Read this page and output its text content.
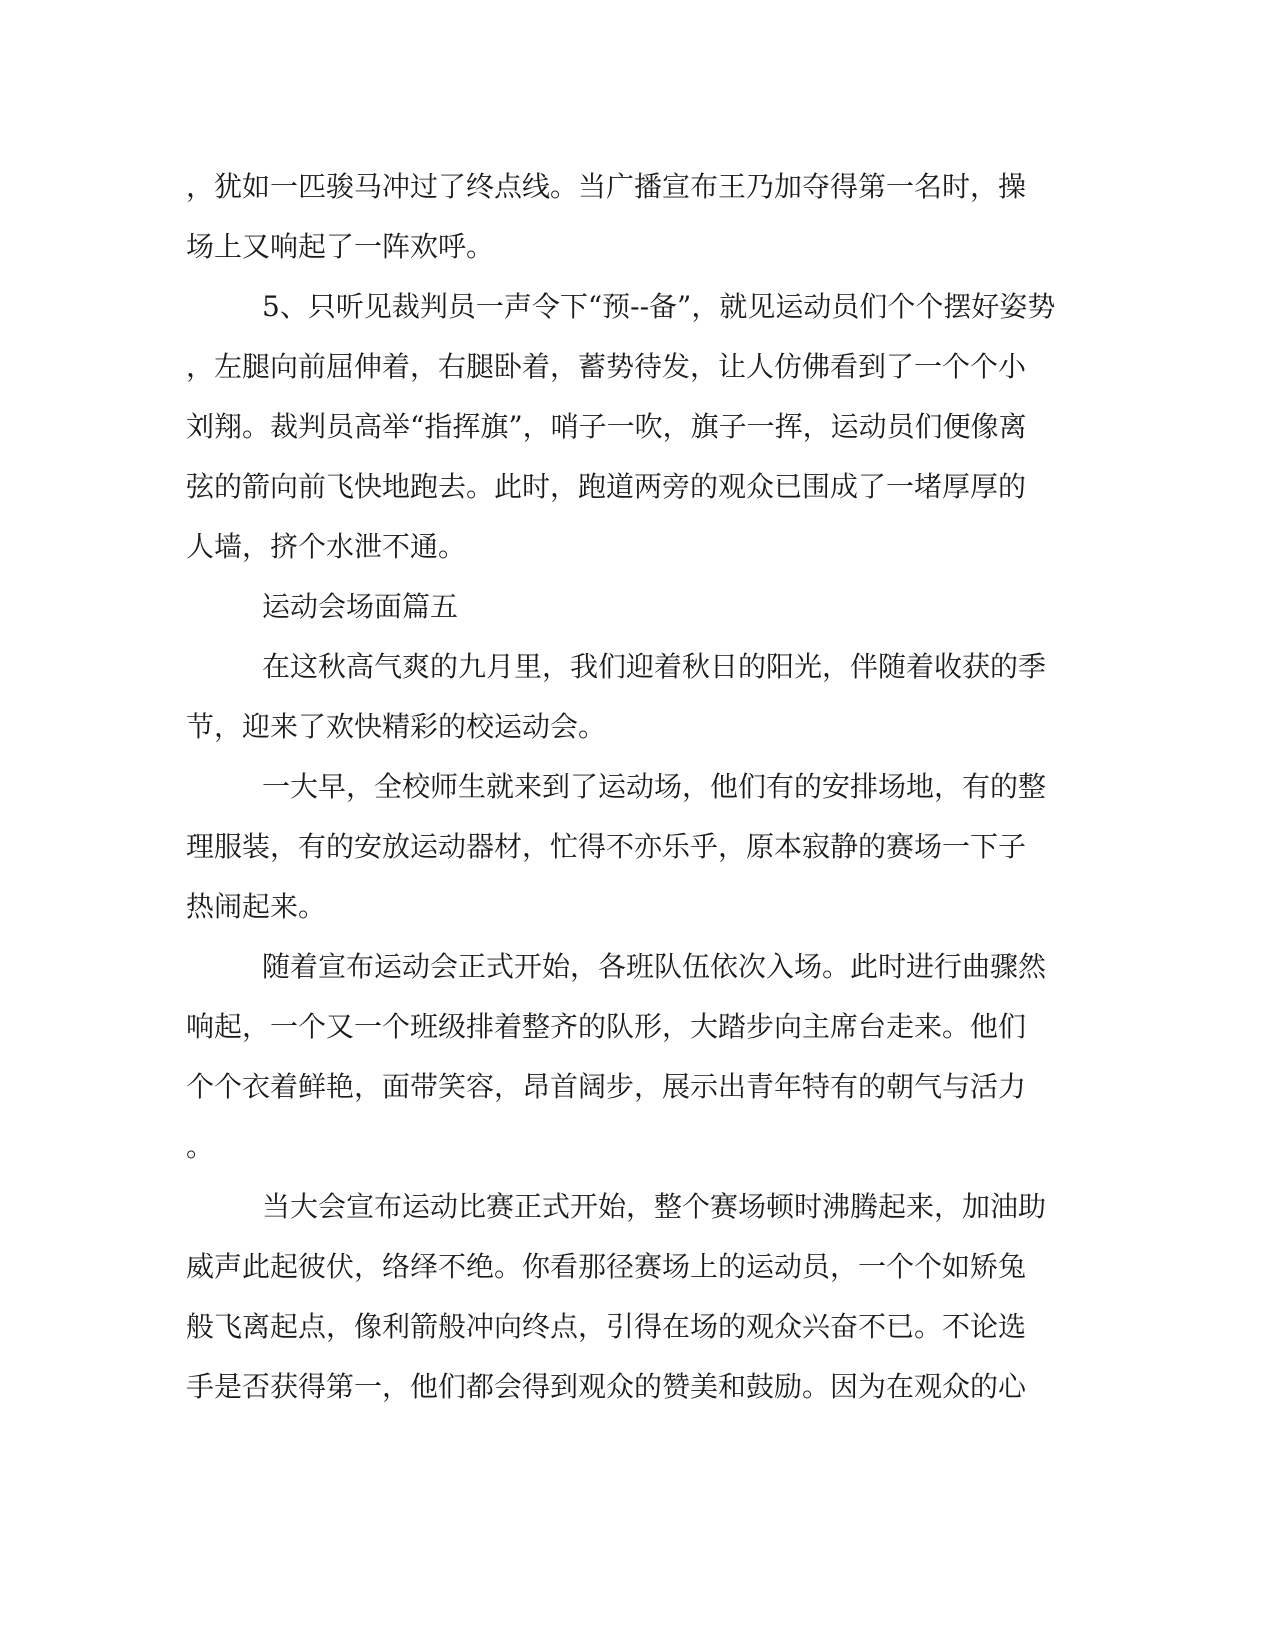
，犹如一匹骏马冲过了终点线。当广播宣布王乃加夺得第一名时，操
场上又响起了一阵欢呼。
5、只听见裁判员一声令下“预--备”，就见运动员们个个摆好姿势
，左腿向前屈伸着，右腿卧着，蓄势待发，让人仿佛看到了一个个小
刘翔。裁判员高举“指挥旗”，哨子一吹，旗子一挥，运动员们便像离
弦的箭向前飞快地跑去。此时，跑道两旁的观众已围成了一堵厚厚的
人墙，挤个水泄不通。
运动会场面篇五
在这秋高气爽的九月里，我们迎着秋日的阳光，伴随着收获的季
节，迎来了欢快精彩的校运动会。
一大早，全校师生就来到了运动场，他们有的安排场地，有的整
理服装，有的安放运动器材，忙得不亦乐乎，原本寂静的赛场一下子
热闹起来。
随着宣布运动会正式开始，各班队伍依次入场。此时进行曲骤然
响起，一个又一个班级排着整齐的队形，大踏步向主席台走来。他们
个个衣着鲜艳，面带笑容，昂首阔步，展示出青年特有的朝气与活力
。
当大会宣布运动比赛正式开始，整个赛场顿时沸腾起来，加油助
威声此起彼伏，络绎不绝。你看那径赛场上的运动员，一个个如矫兔
般飞离起点，像利箭般冲向终点，引得在场的观众兴奋不已。不论选
手是否获得第一，他们都会得到观众的赞美和鼓励。因为在观众的心
